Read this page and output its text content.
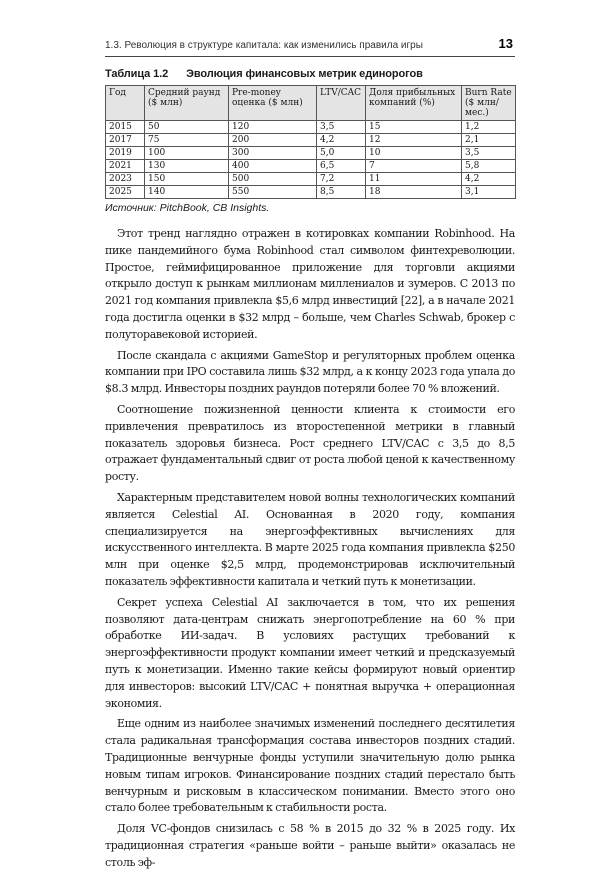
1.3. Революция в структуре капитала: как изменились правила игры	13
Таблица 1.2 Эволюция финансовых метрик единорогов
Год	Средний раунд ($ млн)	Pre-money оценка ($ млн)	LTV/CAC	Доля прибыльных компаний (%)	Burn Rate ($ млн/мес.)
2015	50	120	3,5	15	1,2
2017	75	200	4,2	12	2,1
2019	100	300	5,0	10	3,5
2021	130	400	6,5	7	5,8
2023	150	500	7,2	11	4,2
2025	140	550	8,5	18	3,1
Источник: PitchBook, CB Insights.

Этот тренд наглядно отражен в котировках компании Robinhood. На пике пандемийного бума Robinhood стал символом финтехреволюции. Простое, геймифицированное приложение для торговли акциями открыло доступ к рынкам миллионам миллениалов и зумеров. С 2013 по 2021 год компания привлекла $5,6 млрд инвестиций [22], а в начале 2021 года достигла оценки в $32 млрд – больше, чем Charles Schwab, брокер с полуторавековой историей.

После скандала с акциями GameStop и регуляторных проблем оценка компании при IPO составила лишь $32 млрд, а к концу 2023 года упала до $8.3 млрд. Инвесторы поздних раундов потеряли более 70 % вложений.

Соотношение пожизненной ценности клиента к стоимости его привлечения превратилось из второстепенной метрики в главный показатель здоровья бизнеса. Рост среднего LTV/CAC с 3,5 до 8,5 отражает фундаментальный сдвиг от роста любой ценой к качественному росту.

Характерным представителем новой волны технологических компаний является Celestial AI. Основанная в 2020 году, компания специализируется на энергоэффективных вычислениях для искусственного интеллекта. В марте 2025 года компания привлекла $250 млн при оценке $2,5 млрд, продемонстрировав исключительный показатель эффективности капитала и четкий путь к монетизации.

Секрет успеха Celestial AI заключается в том, что их решения позволяют дата-центрам снижать энергопотребление на 60 % при обработке ИИ-задач. В условиях растущих требований к энергоэффективности продукт компании имеет четкий и предсказуемый путь к монетизации. Именно такие кейсы формируют новый ориентир для инвесторов: высокий LTV/CAC + понятная выручка + операционная экономия.

Еще одним из наиболее значимых изменений последнего десятилетия стала радикальная трансформация состава инвесторов поздних стадий. Традиционные венчурные фонды уступили значительную долю рынка новым типам игроков. Финансирование поздних стадий перестало быть венчурным и рисковым в классическом понимании. Вместо этого оно стало более требовательным к стабильности роста.

Доля VC-фондов снизилась с 58 % в 2015 до 32 % в 2025 году. Их традиционная стратегия «раньше войти – раньше выйти» оказалась не столь эф-
